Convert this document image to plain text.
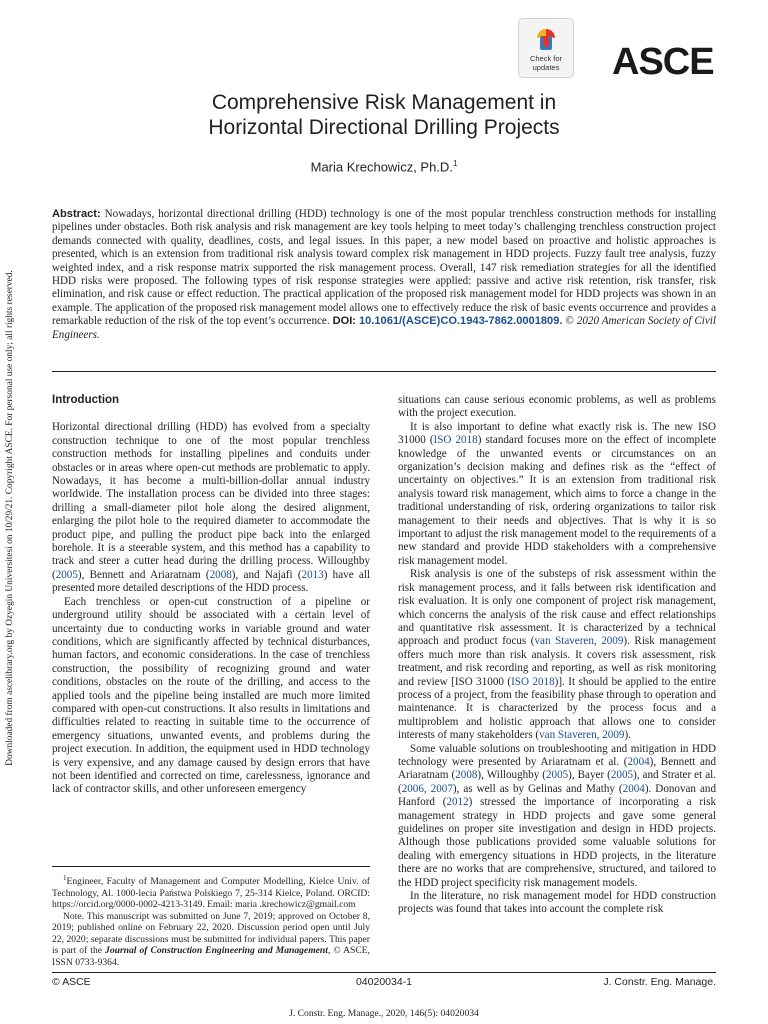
Downloaded from ascelibrary.org by Ozyegin Universitesi on 10/29/21. Copyright ASCE. For personal use only; all rights reserved.
Check for
updates	ASCE
Comprehensive Risk Management in
Horizontal Directional Drilling Projects
Maria Krechowicz, Ph.D.$^1$

Abstract: Nowadays, horizontal directional drilling (HDD) technology is one of the most popular trenchless construction methods for installing pipelines under obstacles. Both risk analysis and risk management are key tools helping to meet today’s challenging trenchless construction project demands connected with quality, deadlines, costs, and legal issues. In this paper, a new model based on proactive and holistic approaches is presented, which is an extension from traditional risk analysis toward complex risk management in HDD projects. Fuzzy fault tree analysis, fuzzy weighted index, and a risk response matrix supported the risk management process. Overall, 147 risk remediation strategies for all the identified HDD risks were proposed. The following types of risk response strategies were applied: passive and active risk retention, risk transfer, risk elimination, and risk cause or effect reduction. The practical application of the proposed risk management model for HDD projects was shown in an example. The application of the proposed risk management model allows one to effectively reduce the risk of basic events occurrence and provides a remarkable reduction of the risk of the top event’s occurrence. DOI: 10.1061/(ASCE)CO.1943-7862.0001809. © 2020 American Society of Civil Engineers.

Introduction

Horizontal directional drilling (HDD) has evolved from a specialty construction technique to one of the most popular trenchless construction methods for installing pipelines and conduits under obstacles or in areas where open-cut methods are problematic to apply. Nowadays, it has become a multi-billion-dollar annual industry worldwide. The installation process can be divided into three stages: drilling a small-diameter pilot hole along the desired alignment, enlarging the pilot hole to the required diameter to accommodate the product pipe, and pulling the product pipe back into the enlarged borehole. It is a steerable system, and this method has a capability to track and steer a cutter head during the drilling process. Willoughby (2005), Bennett and Ariaratnam (2008), and Najafi (2013) have all presented more detailed descriptions of the HDD process.

Each trenchless or open-cut construction of a pipeline or underground utility should be associated with a certain level of uncertainty due to conducting works in variable ground and water conditions, which are significantly affected by technical disturbances, human factors, and economic considerations. In the case of trenchless construction, the possibility of recognizing ground and water conditions, obstacles on the route of the drilling, and access to the applied tools and the pipeline being installed are much more limited compared with open-cut constructions. It also results in limitations and difficulties related to reacting in suitable time to the occurrence of emergency situations, unwanted events, and problems during the project execution. In addition, the equipment used in HDD technology is very expensive, and any damage caused by design errors that have not been identified and corrected on time, carelessness, ignorance and lack of contractor skills, and other unforeseen emergency

$^1$Engineer, Faculty of Management and Computer Modelling, Kielce Univ. of Technology, Al. 1000-lecia Państwa Polskiego 7, 25-314 Kielce, Poland. ORCID: https://orcid.org/0000-0002-4213-3149. Email: maria .krechowicz@gmail.com

Note. This manuscript was submitted on June 7, 2019; approved on October 8, 2019; published online on February 22, 2020. Discussion period open until July 22, 2020; separate discussions must be submitted for individual papers. This paper is part of the Journal of Construction Engineering and Management, © ASCE, ISSN 0733-9364.

situations can cause serious economic problems, as well as problems with the project execution.

It is also important to define what exactly risk is. The new ISO 31000 (ISO 2018) standard focuses more on the effect of incomplete knowledge of the unwanted events or circumstances on an organization’s decision making and defines risk as the “effect of uncertainty on objectives.” It is an extension from traditional risk analysis toward risk management, which aims to force a change in the traditional understanding of risk, ordering organizations to tailor risk management to their needs and objectives. That is why it is so important to adjust the risk management model to the requirements of a new standard and provide HDD stakeholders with a comprehensive risk management model.

Risk analysis is one of the substeps of risk assessment within the risk management process, and it falls between risk identification and risk evaluation. It is only one component of project risk management, which concerns the analysis of the risk cause and effect relationships and quantitative risk assessment. It is characterized by a technical approach and product focus (van Staveren, 2009). Risk management offers much more than risk analysis. It covers risk assessment, risk treatment, and risk recording and reporting, as well as risk monitoring and review [ISO 31000 (ISO 2018)]. It should be applied to the entire process of a project, from the feasibility phase through to operation and maintenance. It is characterized by the process focus and a multiproblem and holistic approach that allows one to consider interests of many stakeholders (van Staveren, 2009).

Some valuable solutions on troubleshooting and mitigation in HDD technology were presented by Ariaratnam et al. (2004), Bennett and Ariaratnam (2008), Willoughby (2005), Bayer (2005), and Strater et al. (2006, 2007), as well as by Gelinas and Mathy (2004). Donovan and Hanford (2012) stressed the importance of incorporating a risk management strategy in HDD projects and gave some general guidelines on proper site investigation and design in HDD projects. Although those publications provided some valuable solutions for dealing with emergency situations in HDD projects, in the literature there are no works that are comprehensive, structured, and tailored to the HDD project specificity risk management models.

In the literature, no risk management model for HDD construction projects was found that takes into account the complete risk

© ASCE	04020034-1	J. Constr. Eng. Manage.
J. Constr. Eng. Manage., 2020, 146(5): 04020034
